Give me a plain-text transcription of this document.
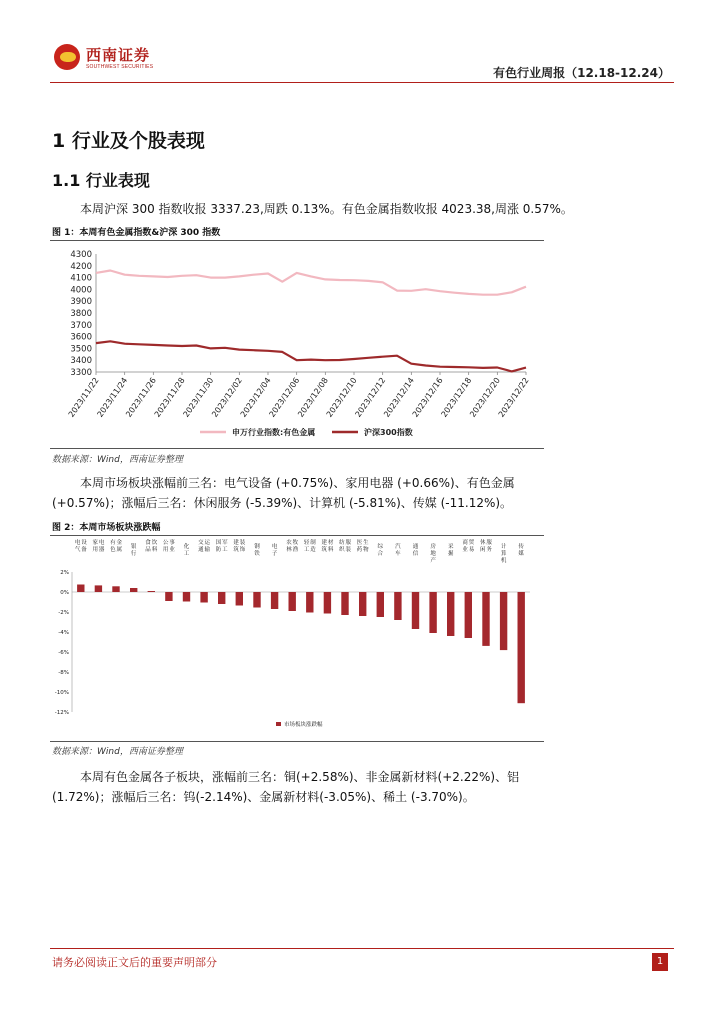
西南证券
SOUTHWEST SECURITIES	有色行业周报（12.18-12.24）
1 行业及个股表现
1.1 行业表现
本周沪深 300 指数收报 3337.23,周跌 0.13%。有色金属指数收报 4023.38,周涨 0.57%。
图 1：本周有色金属指数&沪深 300 指数
3300
3400
3500
3600
3700
3800
3900
4000
4100
4200
4300
2023/11/22
2023/11/24
2023/11/26
2023/11/28
2023/11/30
2023/12/02
2023/12/04
2023/12/06
2023/12/08
2023/12/10
2023/12/12
2023/12/14
2023/12/16
2023/12/18
2023/12/20
2023/12/22
申万行业指数:有色金属	沪深300指数
数据来源：Wind，西南证券整理
本周市场板块涨幅前三名：电气设备 (+0.75%)、家用电器 (+0.66%)、有色金属
(+0.57%)；涨幅后三名：休闲服务 (-5.39%)、计算机 (-5.81%)、传媒 (-11.12%)。
图 2：本周市场板块涨跌幅
2%
0%
-2%
-4%
-6%
-8%
-10%
-12%
电气设备
家用电器
有色金属 银行
食品饮料
公用事业 化工
交通运输
国防军工
建筑装饰 钢铁
电子
农林牧渔
轻工制造
建筑材料
纺织服装
医药生物 综合
汽车
通信
房地产
采掘
商业贸易
休闲服务 计算机
传媒
市场板块涨跌幅
数据来源：Wind，西南证券整理
本周有色金属各子板块，涨幅前三名：铜(+2.58%)、非金属新材料(+2.22%)、铝
(1.72%)；涨幅后三名：钨(-2.14%)、金属新材料(-3.05%)、稀土 (-3.70%)。
请务必阅读正文后的重要声明部分	1
